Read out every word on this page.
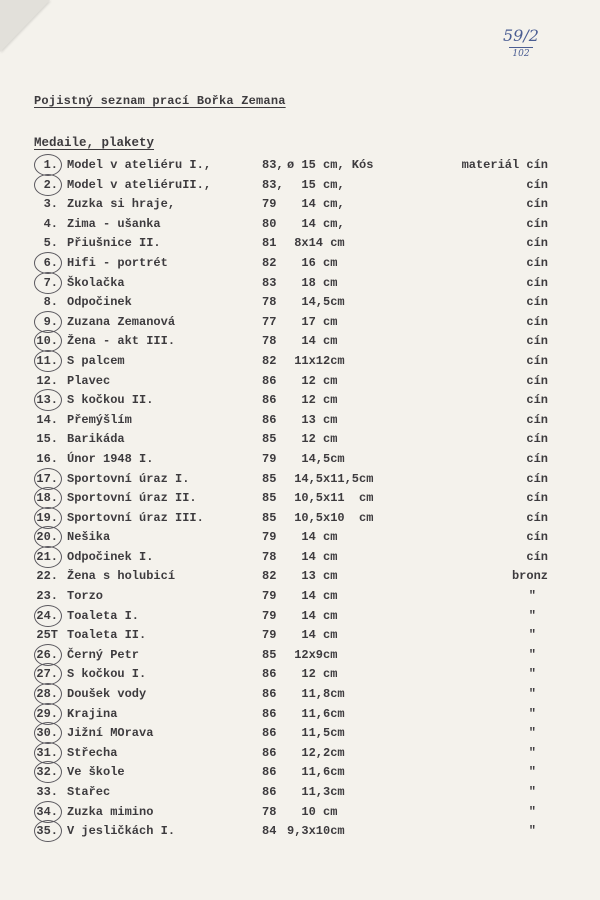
59/2
102
Pojistný seznam prací Bořka Zemana
Medaile, plakety
1. Model v ateliéru I.,	83, ø 15 cm, Kós	materiál cín
2. Model v ateliéruII.,	83, 15 cm,	cín
3. Zuzka si hraje,	79 14 cm,	cín
4. Zima - ušanka	80 14 cm,	cín
5. Přiušnice II.	81 8x14 cm	cín
6. Hifi - portrét	82 16 cm	cín
7. Školačka	83 18 cm	cín
8. Odpočinek	78 14,5cm	cín
9. Zuzana Zemanová	77 17 cm	cín
10. Žena - akt III.	78 14 cm	cín
11. S palcem	82 11x12cm	cín
12. Plavec	86 12 cm	cín
13. S kočkou II.	86 12 cm	cín
14. Přemýšlím	86 13 cm	cín
15. Barikáda	85 12 cm	cín
16. Únor 1948 I.	79 14,5cm	cín
17. Sportovní úraz I.	85 14,5x11,5cm	cín
18. Sportovní úraz II.	85 10,5x11  cm	cín
19. Sportovní úraz III.	85 10,5x10  cm	cín
20. Nešika	79 14 cm	cín
21. Odpočinek I.	78 14 cm	cín
22. Žena s holubicí	82 13 cm	bronz
23. Torzo	79 14 cm	"
24. Toaleta I.	79 14 cm	"
25T Toaleta II.	79 14 cm	"
26. Černý Petr	85 12x9cm	"
27. S kočkou I.	86 12 cm	"
28. Doušek vody	86 11,8cm	"
29. Krajina	86 11,6cm	"
30. Jižní MOrava	86 11,5cm	"
31. Střecha	86 12,2cm	"
32. Ve škole	86 11,6cm	"
33. Stařec	86 11,3cm	"
34. Zuzka mimino	78 10 cm	"
35. V jesličkách I.	84 9,3x10cm	"
